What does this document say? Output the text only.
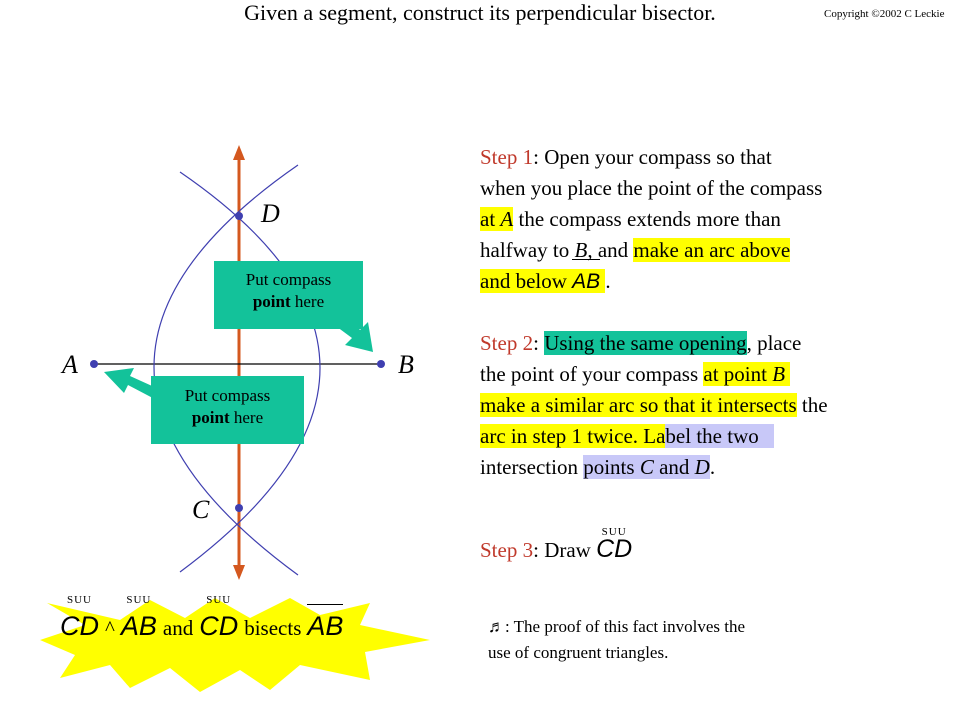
Copyright ©2002 C Leckie
Given a segment, construct its perpendicular bisector.
A	B
D
C
Put compass
point here
Put compass
point here
Step 1: Open your compass so that
when you place the point of the compass
at A the compass extends more than
halfway to B, and make an arc above
and below
AB .
Step 2: Using the same opening, place
the point of your compass at point B
make a similar arc so that it intersects the
arc in step 1 twice. Label the two
intersection points C and D.
Step 3: Draw
SUU
CD
SUU
CD ^
SUU
AB and
SUU
CD bisects AB	♬: The proof of this fact involves the
use of congruent triangles.
